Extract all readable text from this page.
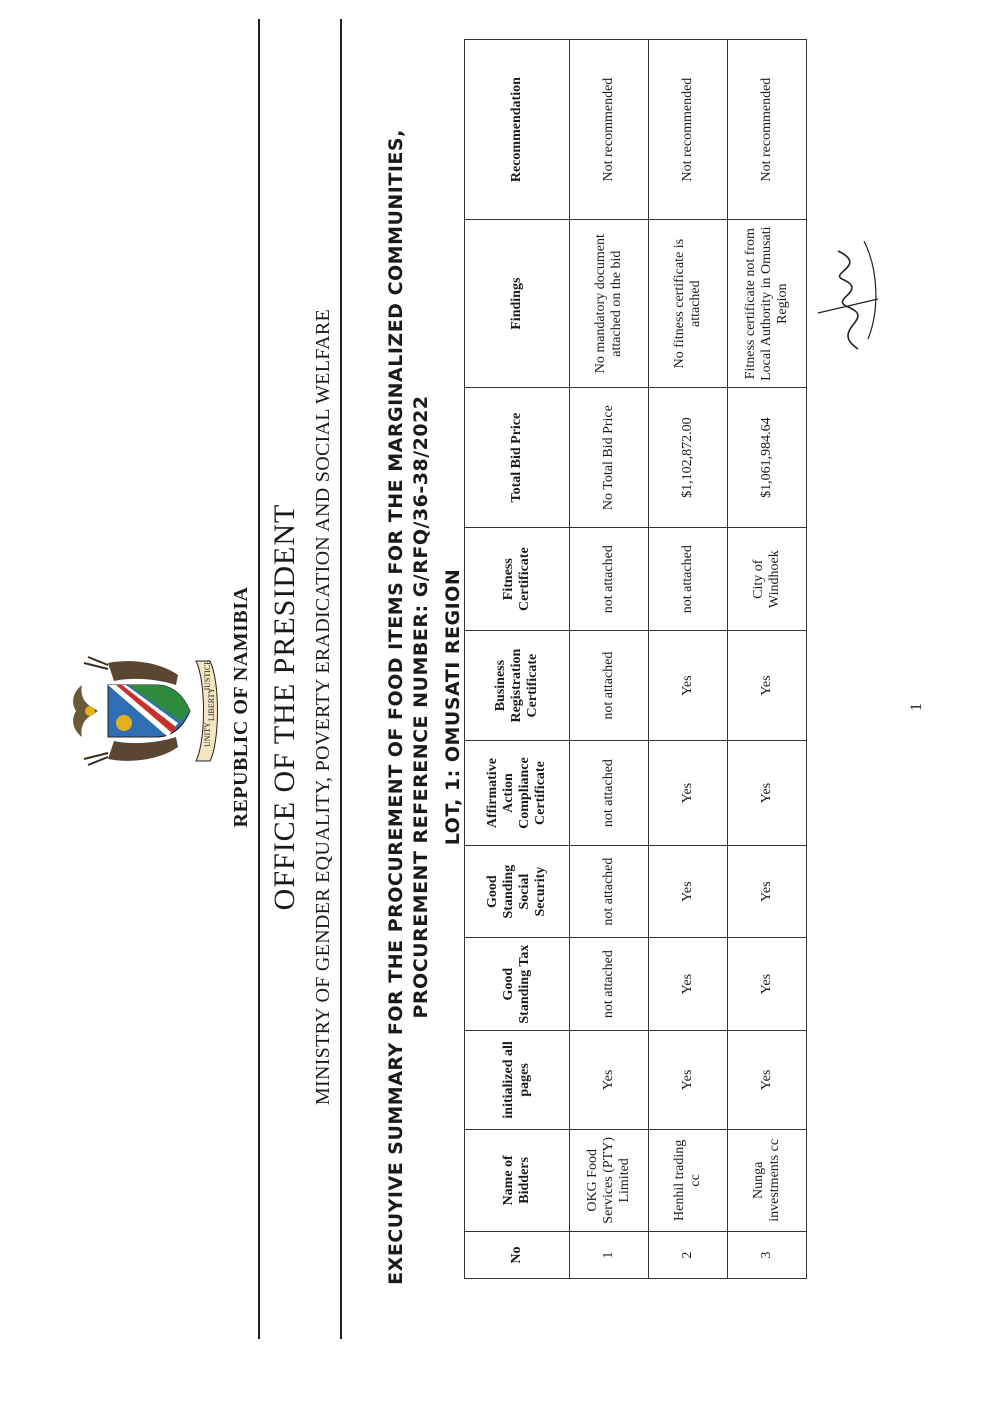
UNITY
LIBERTY
JUSTICE REPUBLIC OF NAMIBIA OFFICE OF THE PRESIDENT MINISTRY OF GENDER EQUALITY, POVERTY ERADICATION AND SOCIAL WELFARE	EXECUYIVE SUMMARY FOR THE PROCUREMENT OF FOOD ITEMS FOR THE MARGINALIZED COMMUNITIES, PROCUREMENT REFERENCE NUMBER: G/RFQ/36-38/2022 LOT, 1: OMUSATI REGION
No	Name of Bidders	initialized all pages	Good Standing Tax	Good Standing Social Security	Affirmative Action Compliance Certificate	Business Registration Certificate	Fitness Certificate	Total Bid Price	Findings	Recommendation
1	OKG Food Services (PTY) Limited	Yes	not attached	not attached	not attached	not attached	not attached	No Total Bid Price	No mandatory document attached on the bid	Not recommended
2	Henhil trading cc	Yes	Yes	Yes	Yes	Yes	not attached	$1,102,872.00	No fitness certificate is attached	Not recommended
3	Nunga investments cc	Yes	Yes	Yes	Yes	Yes	City of Windhoek	$1,061,984.64	Fitness certificate not from Local Authority in Omusati Region	Not recommended
1
